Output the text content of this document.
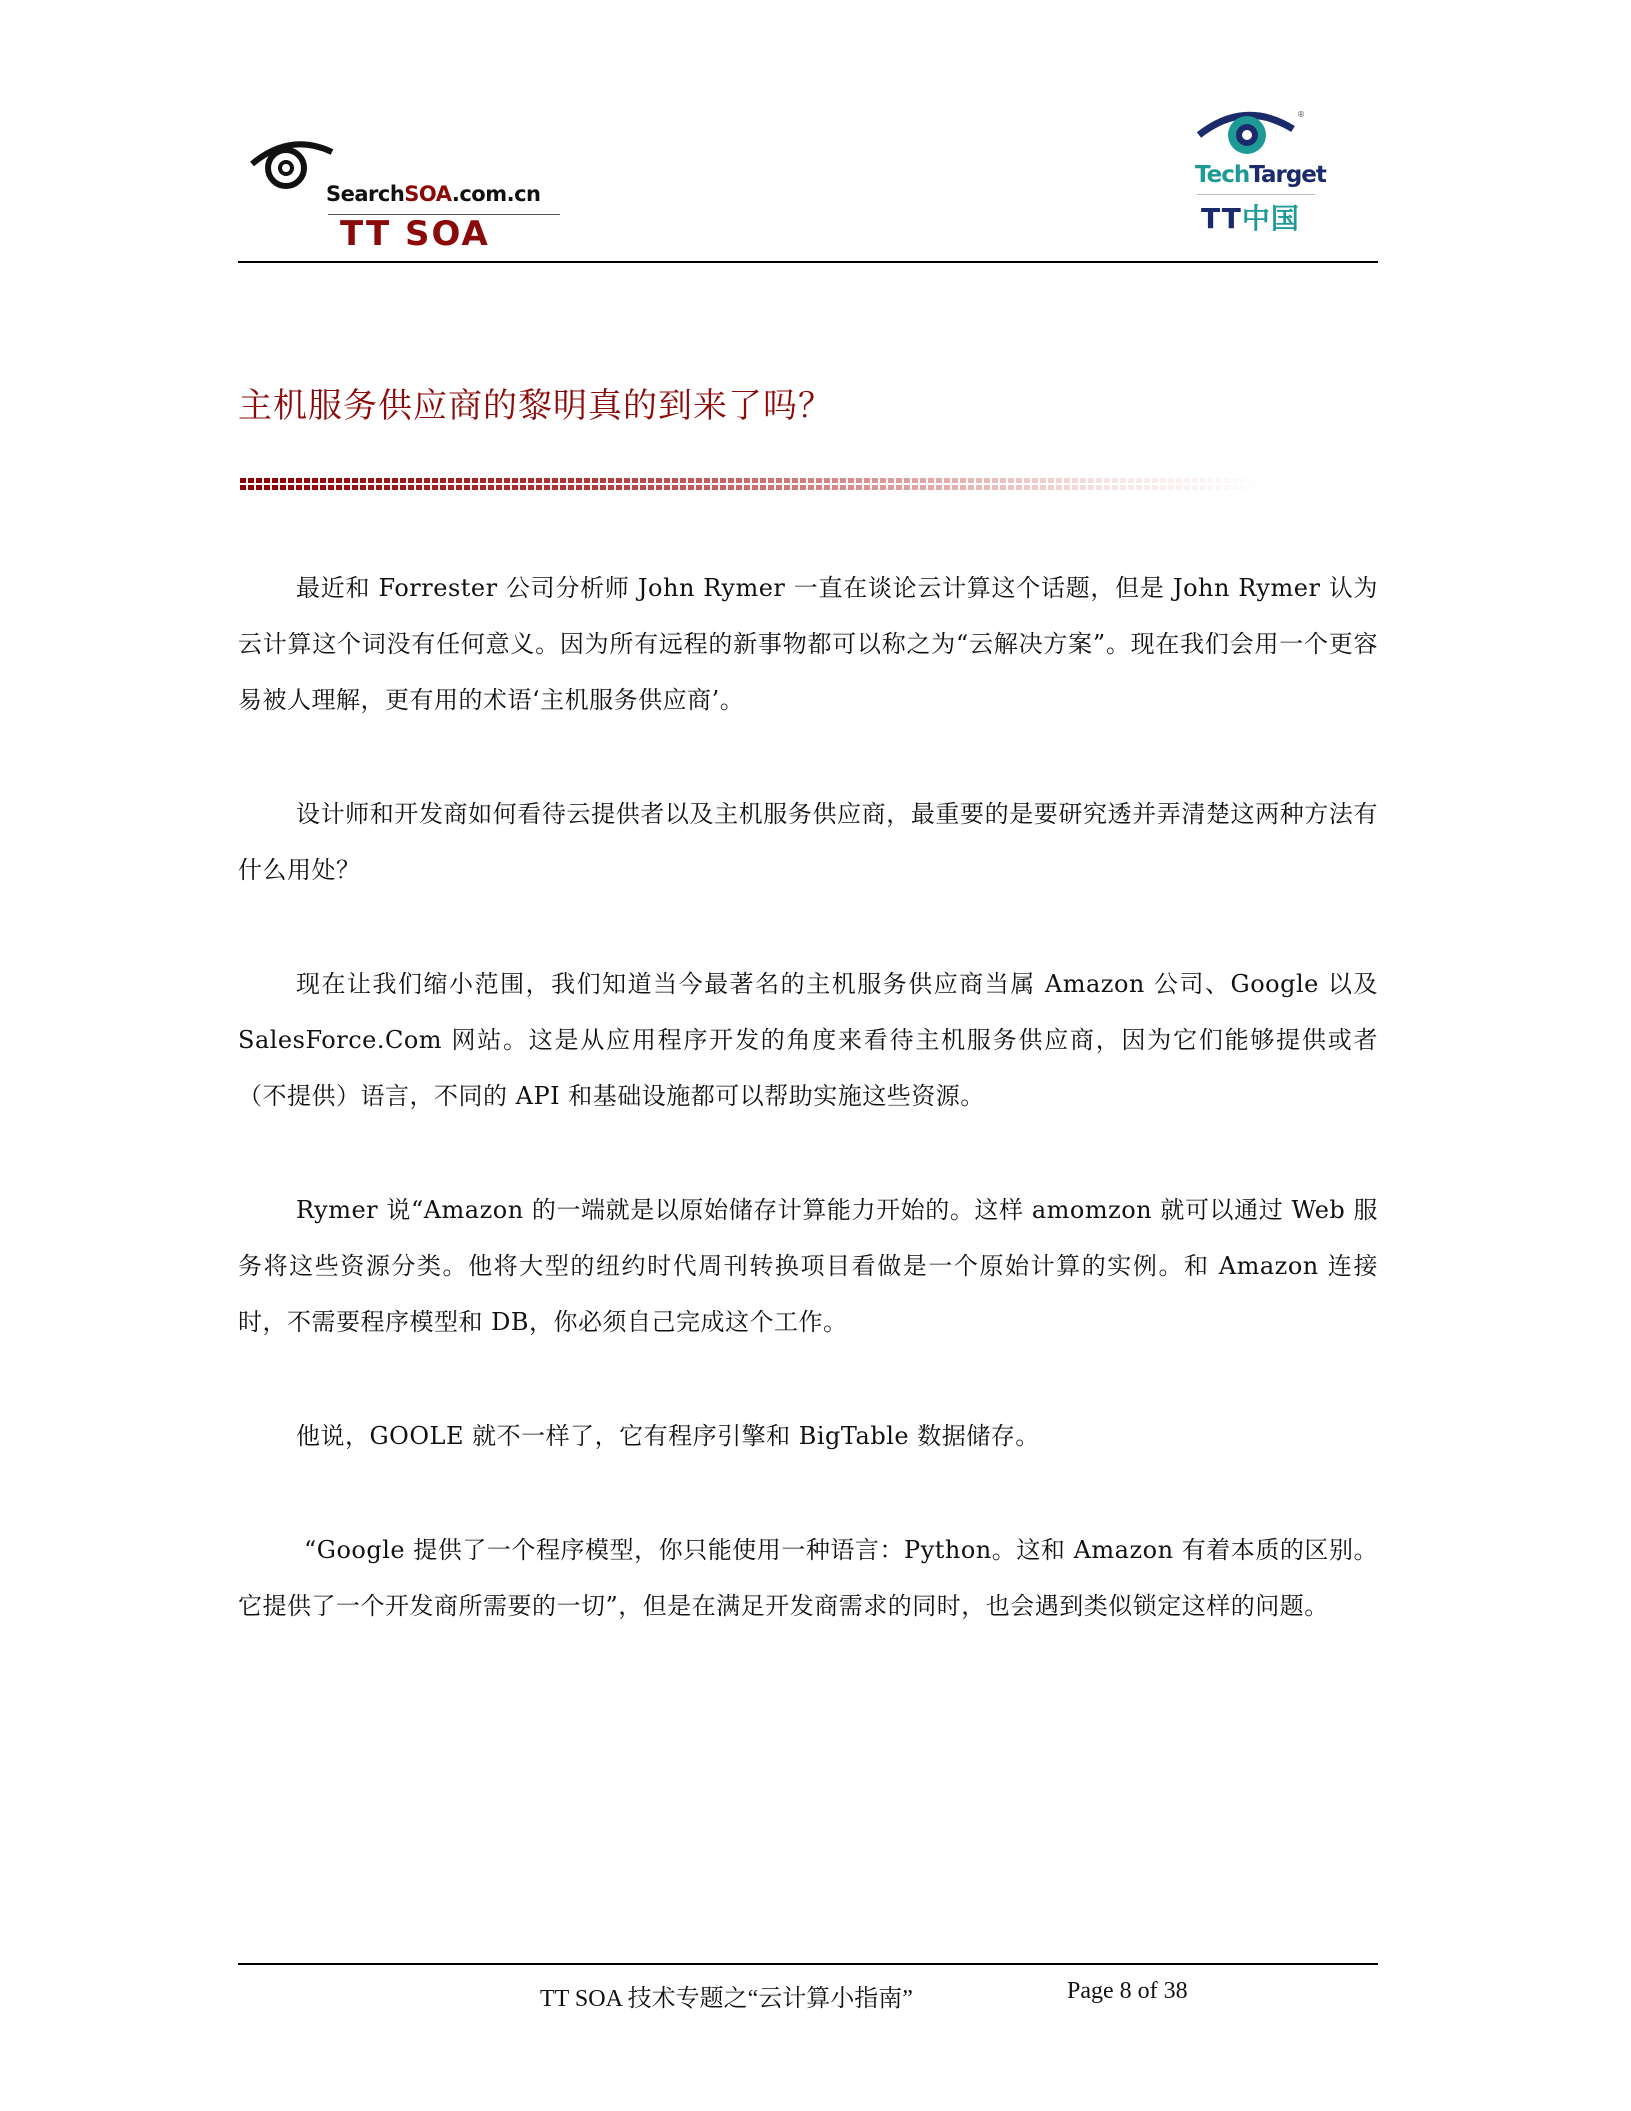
SearchSOA.com.cn
TT SOA
®
TechTarget
TT中国
主机服务供应商的黎明真的到来了吗？

最近和 Forrester 公司分析师 John Rymer 一直在谈论云计算这个话题，但是 John Rymer 认为云计算这个词没有任何意义。因为所有远程的新事物都可以称之为“云解决方案”。现在我们会用一个更容易被人理解，更有用的术语‘主机服务供应商’。

设计师和开发商如何看待云提供者以及主机服务供应商，最重要的是要研究透并弄清楚这两种方法有什么用处？

现在让我们缩小范围，我们知道当今最著名的主机服务供应商当属 Amazon 公司、Google 以及 SalesForce.Com 网站。这是从应用程序开发的角度来看待主机服务供应商，因为它们能够提供或者（不提供）语言，不同的 API 和基础设施都可以帮助实施这些资源。

Rymer 说“Amazon 的一端就是以原始储存计算能力开始的。这样 amomzon 就可以通过 Web 服务将这些资源分类。他将大型的纽约时代周刊转换项目看做是一个原始计算的实例。和 Amazon 连接时，不需要程序模型和 DB，你必须自己完成这个工作。

他说，GOOLE 就不一样了，它有程序引擎和 BigTable 数据储存。

“Google 提供了一个程序模型，你只能使用一种语言：Python。这和 Amazon 有着本质的区别。它提供了一个开发商所需要的一切”，但是在满足开发商需求的同时，也会遇到类似锁定这样的问题。

TT SOA 技术专题之“云计算小指南”	Page 8 of 38
